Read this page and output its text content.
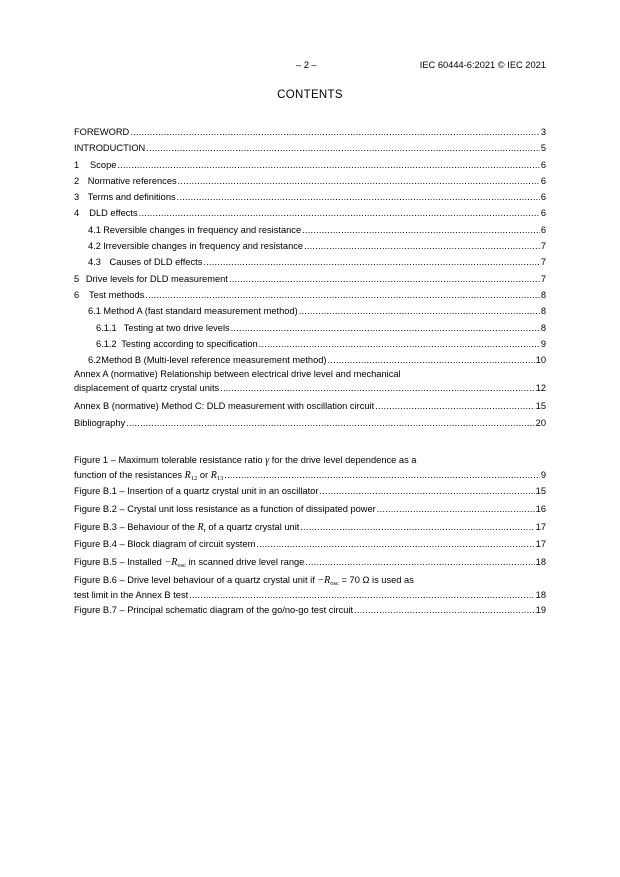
– 2 –	IEC 60444-6:2021 © IEC 2021
CONTENTS
FOREWORD .....	3
INTRODUCTION .....	5
1	Scope .....	6
2 Normative references .....	6
3 Terms and definitions .....	6
4	DLD effects .....	6
4.1 Reversible changes in frequency and resistance .....	6
4.2 Irreversible changes in frequency and resistance .....	7
4.3 Causes of DLD effects .....	7
5 Drive levels for DLD measurement .....	7
6	Test methods .....	8
6.1 Method A (fast standard measurement method) .....	8
6.1.1 Testing at two drive levels .....	8
6.1.2 Testing according to specification .....	9
6.2 Method B (Multi-level reference measurement method) .....	10
Annex A (normative) Relationship between electrical drive level and mechanical
displacement of quartz crystal units .....	12
Annex B (normative) Method C: DLD measurement with oscillation circuit .....	15
Bibliography .....	20
Figure 1 – Maximum tolerable resistance ratio γ for the drive level dependence as a
function of the resistances $R_{12}$ or $R_{13}$ .....	9
Figure B.1 – Insertion of a quartz crystal unit in an oscillator .....	15
Figure B.2 – Crystal unit loss resistance as a function of dissipated power .....	16
Figure B.3 – Behaviour of the $R_r$ of a quartz crystal unit .....	17
Figure B.4 – Block diagram of circuit system .....	17
Figure B.5 – Installed $-R_{osc}$ in scanned drive level range .....	18
Figure B.6 – Drive level behaviour of a quartz crystal unit if $-R_{osc} = 70$ Ω is used as
test limit in the Annex B test .....	18
Figure B.7 – Principal schematic diagram of the go/no-go test circuit .....	19
